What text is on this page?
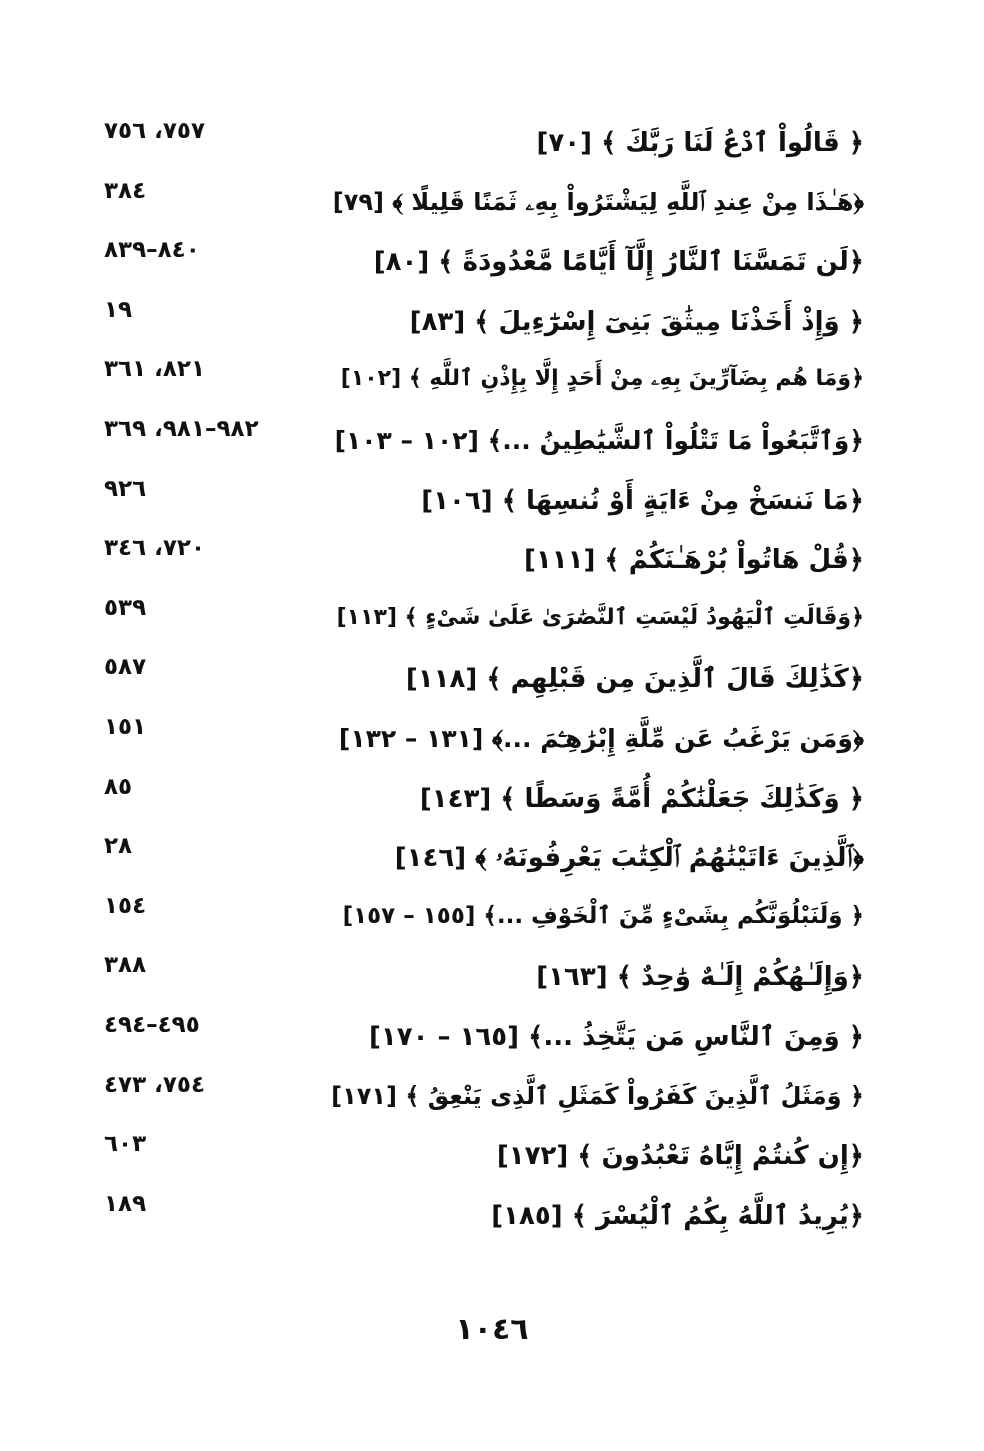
﴿ قَالُواْ ٱدْعُ لَنَا رَبَّكَ ﴾ [٧٠]
٧٥٧، ٧٥٦
﴿هَـٰذَا مِنْ عِندِ ٱللَّهِ لِيَشْتَرُواْ بِهِۦ ثَمَنًا قَلِيلًا ﴾ [٧٩]
٣٨٤
﴿لَن تَمَسَّنَا ٱلنَّارُ إِلَّآ أَيَّامًا مَّعْدُودَةً ﴾ [٨٠]
٨٤٠–٨٣٩
﴿ وَإِذْ أَخَذْنَا مِيثَٰقَ بَنِىٓ إِسْرَٰٓءِيلَ ﴾ [٨٣]
١٩
﴿وَمَا هُم بِضَآرِّينَ بِهِۦ مِنْ أَحَدٍ إِلَّا بِإِذْنِ ٱللَّهِ ﴾ [١٠٢]
٨٢١، ٣٦١
﴿وَٱتَّبَعُواْ مَا تَتْلُواْ ٱلشَّيَٰطِينُ ...﴾ [١٠٢ – ١٠٣]
٩٨٢–٩٨١، ٣٦٩
﴿مَا نَنسَخْ مِنْ ءَايَةٍ أَوْ نُنسِهَا ﴾ [١٠٦]
٩٢٦
﴿قُلْ هَاتُواْ بُرْهَـٰنَكُمْ ﴾ [١١١]
٧٢٠، ٣٤٦
﴿وَقَالَتِ ٱلْيَهُودُ لَيْسَتِ ٱلنَّصَٰرَىٰ عَلَىٰ شَىْءٍ ﴾ [١١٣]
٥٣٩
﴿كَذَٰلِكَ قَالَ ٱلَّذِينَ مِن قَبْلِهِم ﴾ [١١٨]
٥٨٧
﴿وَمَن يَرْغَبُ عَن مِّلَّةِ إِبْرَٰهِـۧمَ ...﴾ [١٣١ – ١٣٢]
١٥١
﴿ وَكَذَٰلِكَ جَعَلْنَٰكُمْ أُمَّةً وَسَطًا ﴾ [١٤٣]
٨٥
﴿ٱلَّذِينَ ءَاتَيْنَٰهُمُ ٱلْكِتَٰبَ يَعْرِفُونَهُۥ ﴾ [١٤٦]
٢٨
﴿ وَلَنَبْلُوَنَّكُم بِشَىْءٍ مِّنَ ٱلْخَوْفِ ...﴾ [١٥٥ – ١٥٧]
١٥٤
﴿وَإِلَـٰهُكُمْ إِلَـٰهٌ وَٰحِدٌ ﴾ [١٦٣]
٣٨٨
﴿ وَمِنَ ٱلنَّاسِ مَن يَتَّخِذُ ...﴾ [١٦٥ – ١٧٠]
٤٩٥–٤٩٤
﴿ وَمَثَلُ ٱلَّذِينَ كَفَرُواْ كَمَثَلِ ٱلَّذِى يَنْعِقُ ﴾ [١٧١]
٧٥٤، ٤٧٣
﴿إِن كُنتُمْ إِيَّاهُ تَعْبُدُونَ ﴾ [١٧٢]
٦٠٣
﴿يُرِيدُ ٱللَّهُ بِكُمُ ٱلْيُسْرَ ﴾ [١٨٥]
١٨٩
١٠٤٦
